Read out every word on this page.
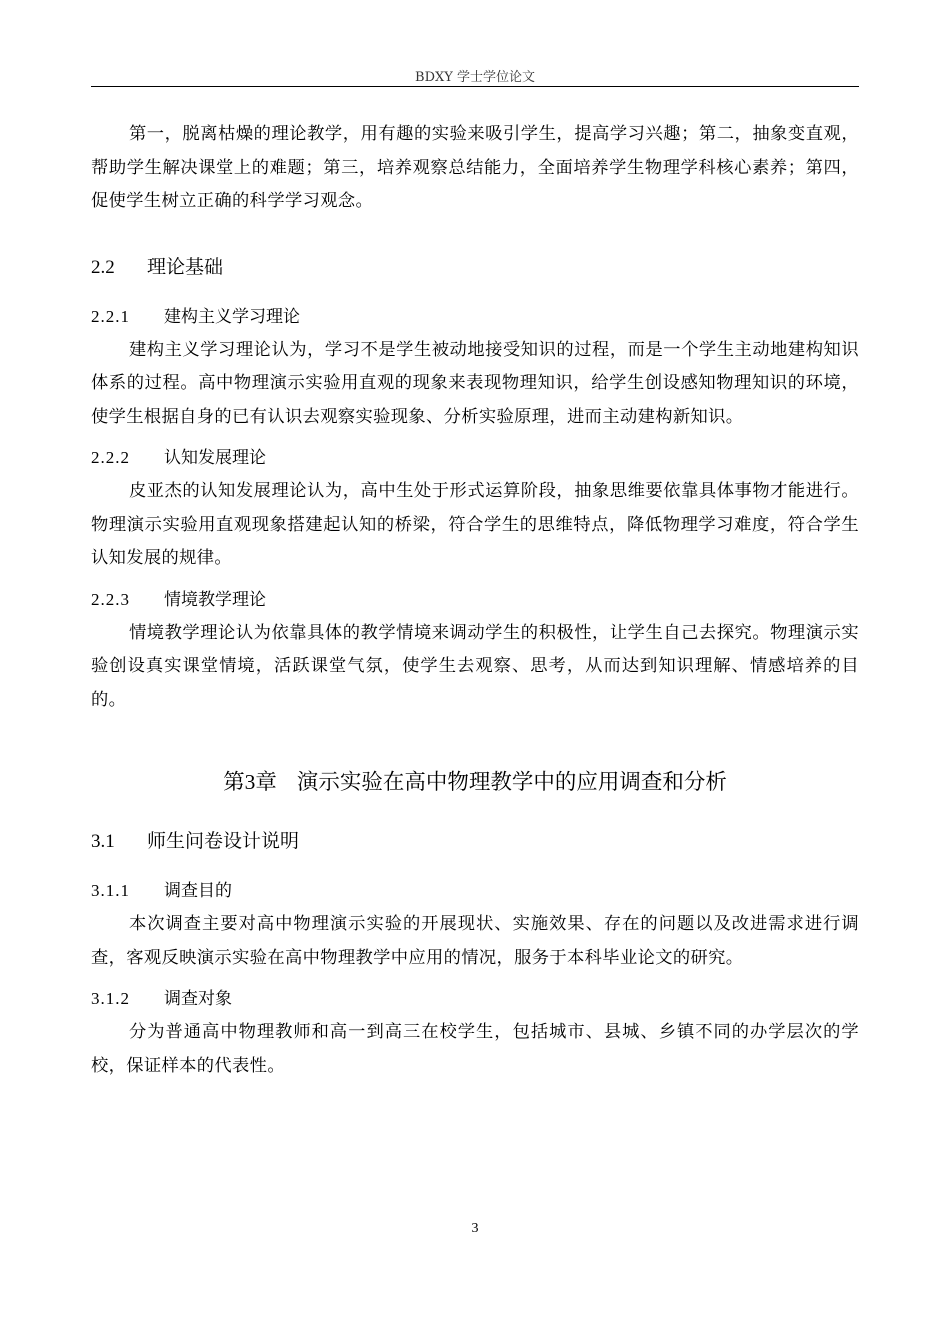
BDXY 学士学位论文

第一，脱离枯燥的理论教学，用有趣的实验来吸引学生，提高学习兴趣；第二，抽象变直观，帮助学生解决课堂上的难题；第三，培养观察总结能力，全面培养学生物理学科核心素养；第四，促使学生树立正确的科学学习观念。

2.2 理论基础
2.2.1 建构主义学习理论

建构主义学习理论认为，学习不是学生被动地接受知识的过程，而是一个学生主动地建构知识体系的过程。高中物理演示实验用直观的现象来表现物理知识，给学生创设感知物理知识的环境，使学生根据自身的已有认识去观察实验现象、分析实验原理，进而主动建构新知识。

2.2.2 认知发展理论

皮亚杰的认知发展理论认为，高中生处于形式运算阶段，抽象思维要依靠具体事物才能进行。物理演示实验用直观现象搭建起认知的桥梁，符合学生的思维特点，降低物理学习难度，符合学生认知发展的规律。

2.2.3 情境教学理论

情境教学理论认为依靠具体的教学情境来调动学生的积极性，让学生自己去探究。物理演示实验创设真实课堂情境，活跃课堂气氛，使学生去观察、思考，从而达到知识理解、情感培养的目的。

第3章 演示实验在高中物理教学中的应用调查和分析
3.1 师生问卷设计说明
3.1.1 调查目的

本次调查主要对高中物理演示实验的开展现状、实施效果、存在的问题以及改进需求进行调查，客观反映演示实验在高中物理教学中应用的情况，服务于本科毕业论文的研究。

3.1.2 调查对象

分为普通高中物理教师和高一到高三在校学生，包括城市、县城、乡镇不同的办学层次的学校，保证样本的代表性。

3
